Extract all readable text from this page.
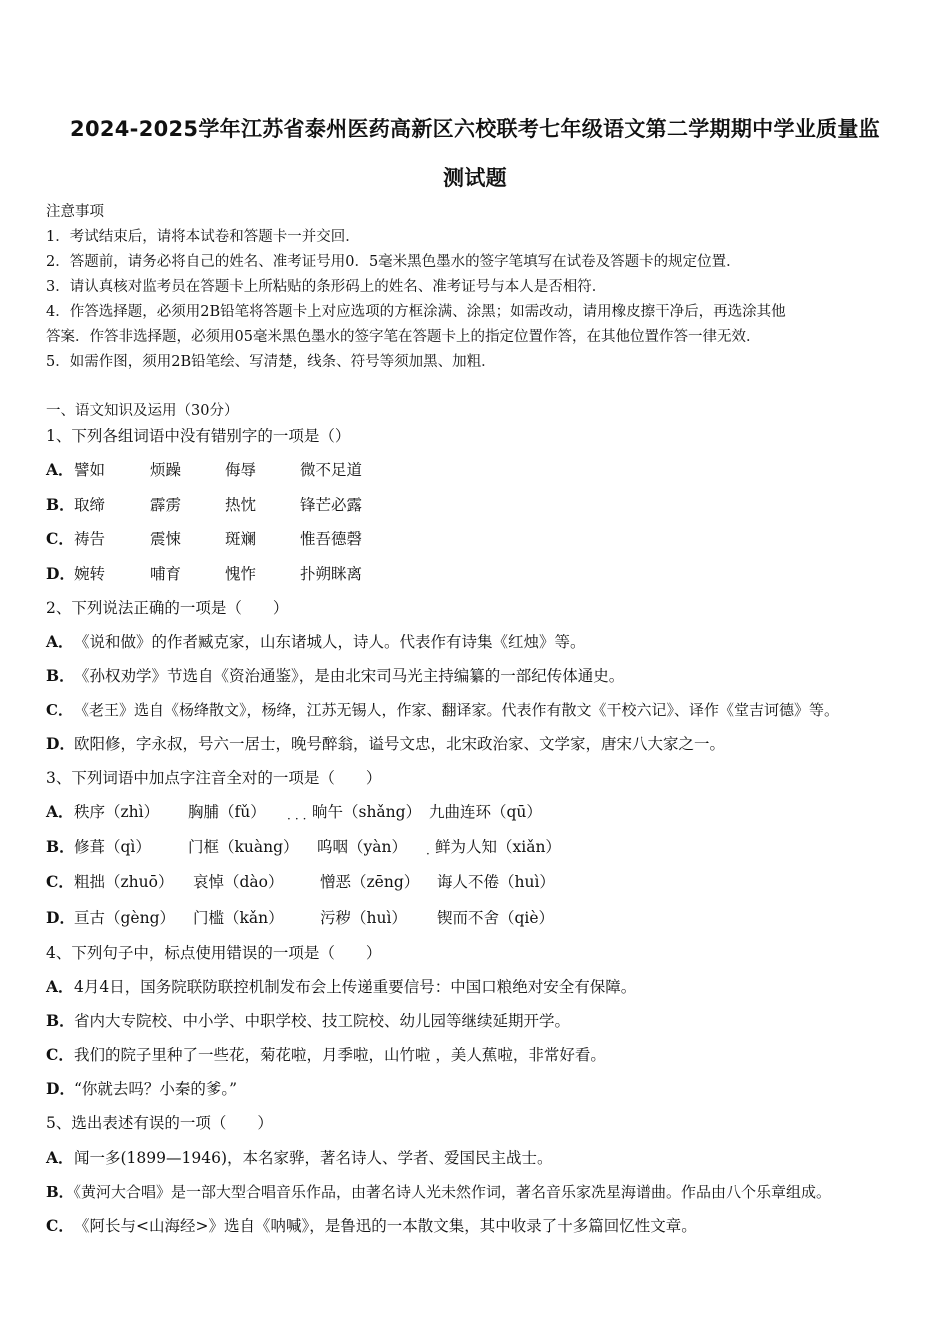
2024-2025学年江苏省泰州医药高新区六校联考七年级语文第二学期期中学业质量监
测试题
注意事项
1．考试结束后，请将本试卷和答题卡一并交回．
2．答题前，请务必将自己的姓名、准考证号用0．5毫米黑色墨水的签字笔填写在试卷及答题卡的规定位置．
3．请认真核对监考员在答题卡上所粘贴的条形码上的姓名、准考证号与本人是否相符．
4．作答选择题，必须用2B铅笔将答题卡上对应选项的方框涂满、涂黑；如需改动，请用橡皮擦干净后，再选涂其他
答案．作答非选择题，必须用05毫米黑色墨水的签字笔在答题卡上的指定位置作答，在其他位置作答一律无效．
5．如需作图，须用2B铅笔绘、写清楚，线条、符号等须加黑、加粗．
一、语文知识及运用（30分）
1、下列各组词语中没有错别字的一项是（）
A． 譬如	烦躁	侮辱	微不足道
B． 取缔	霹雳	热忱	锋芒必露
C． 祷告	震悚	斑斓	惟吾德磬
D． 婉转	哺育	愧怍	扑朔眯离
2、下列说法正确的一项是（　　）
A．《说和做》的作者臧克家，山东诸城人，诗人。代表作有诗集《红烛》等。
B．《孙权劝学》节选自《资治通鉴》，是由北宋司马光主持编纂的一部纪传体通史。
C．《老王》选自《杨绛散文》，杨绛，江苏无锡人，作家、翻译家。代表作有散文《干校六记》、译作《堂吉诃德》等。
D．欧阳修，字永叔，号六一居士，晚号醉翁，谥号文忠，北宋政治家、文学家，唐宋八大家之一。
3、下列词语中加点字注音全对的一项是（　　）
A． 秩序（zhì） 胸脯（fǔ）	晌午（shǎng） 九曲连环（qū）
···
B． 修葺（qì） 门框（kuàng） 呜咽（yàn） 鲜为人知（xiǎn）
·
C． 粗拙（zhuō） 哀悼（dào） 憎恶（zēng） 诲人不倦（huì）
D． 亘古（gèng） 门槛（kǎn） 污秽（huì） 锲而不舍（qiè）
4、下列句子中，标点使用错误的一项是（　　）
A．4月4日，国务院联防联控机制发布会上传递重要信号：中国口粮绝对安全有保障。
B．省内大专院校、中小学、中职学校、技工院校、幼儿园等继续延期开学。
C．我们的院子里种了一些花，菊花啦，月季啦，山竹啦 ，美人蕉啦，非常好看。
D．“你就去吗？小秦的爹。”
5、选出表述有误的一项（　　）
A．闻一多(1899—1946)，本名家骅，著名诗人、学者、爱国民主战士。
B．《黄河大合唱》是一部大型合唱音乐作品，由著名诗人光未然作词，著名音乐家冼星海谱曲。作品由八个乐章组成。
C．《阿长与<山海经>》选自《呐喊》，是鲁迅的一本散文集，其中收录了十多篇回忆性文章。
